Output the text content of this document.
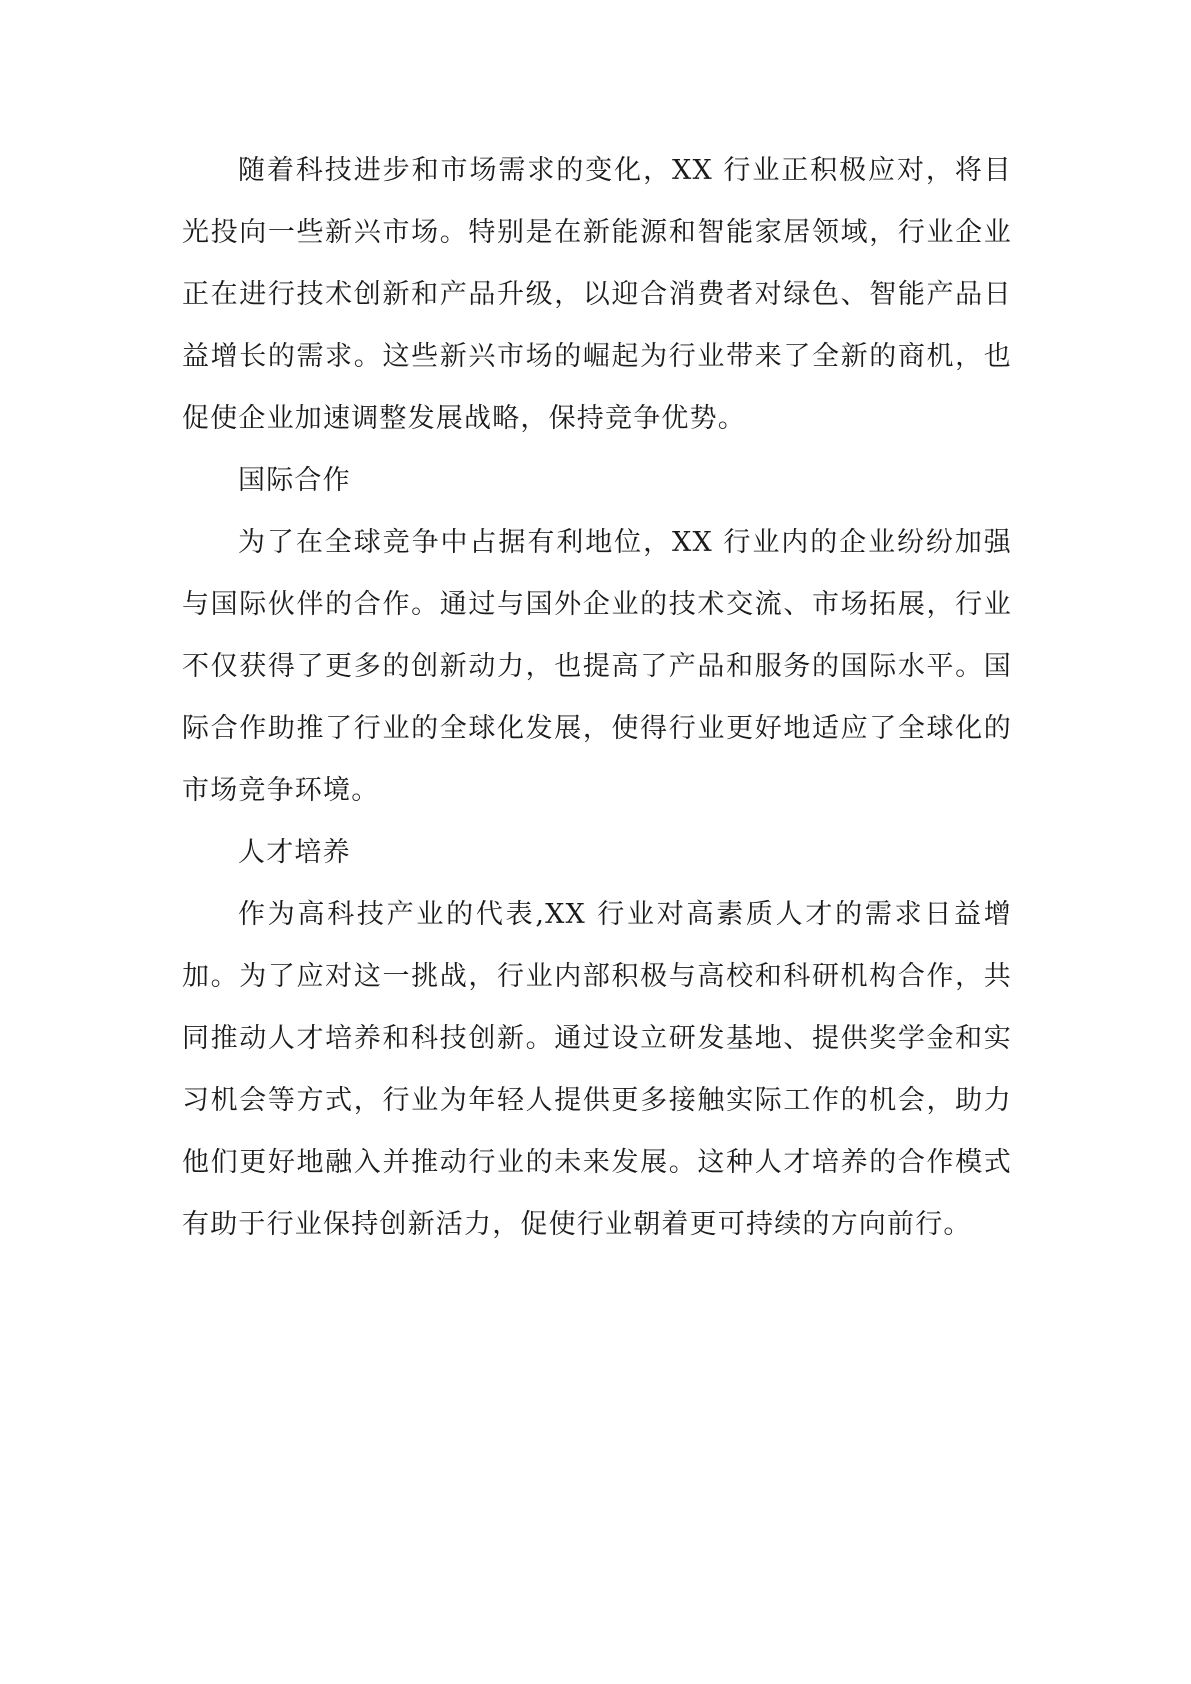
随着科技进步和市场需求的变化，XX 行业正积极应对，将目光投向一些新兴市场。特别是在新能源和智能家居领域，行业企业正在进行技术创新和产品升级，以迎合消费者对绿色、智能产品日益增长的需求。这些新兴市场的崛起为行业带来了全新的商机，也促使企业加速调整发展战略，保持竞争优势。

国际合作

为了在全球竞争中占据有利地位，XX 行业内的企业纷纷加强与国际伙伴的合作。通过与国外企业的技术交流、市场拓展，行业不仅获得了更多的创新动力，也提高了产品和服务的国际水平。国际合作助推了行业的全球化发展，使得行业更好地适应了全球化的市场竞争环境。

人才培养

作为高科技产业的代表,XX 行业对高素质人才的需求日益增加。为了应对这一挑战，行业内部积极与高校和科研机构合作，共同推动人才培养和科技创新。通过设立研发基地、提供奖学金和实习机会等方式，行业为年轻人提供更多接触实际工作的机会，助力他们更好地融入并推动行业的未来发展。这种人才培养的合作模式有助于行业保持创新活力，促使行业朝着更可持续的方向前行。
